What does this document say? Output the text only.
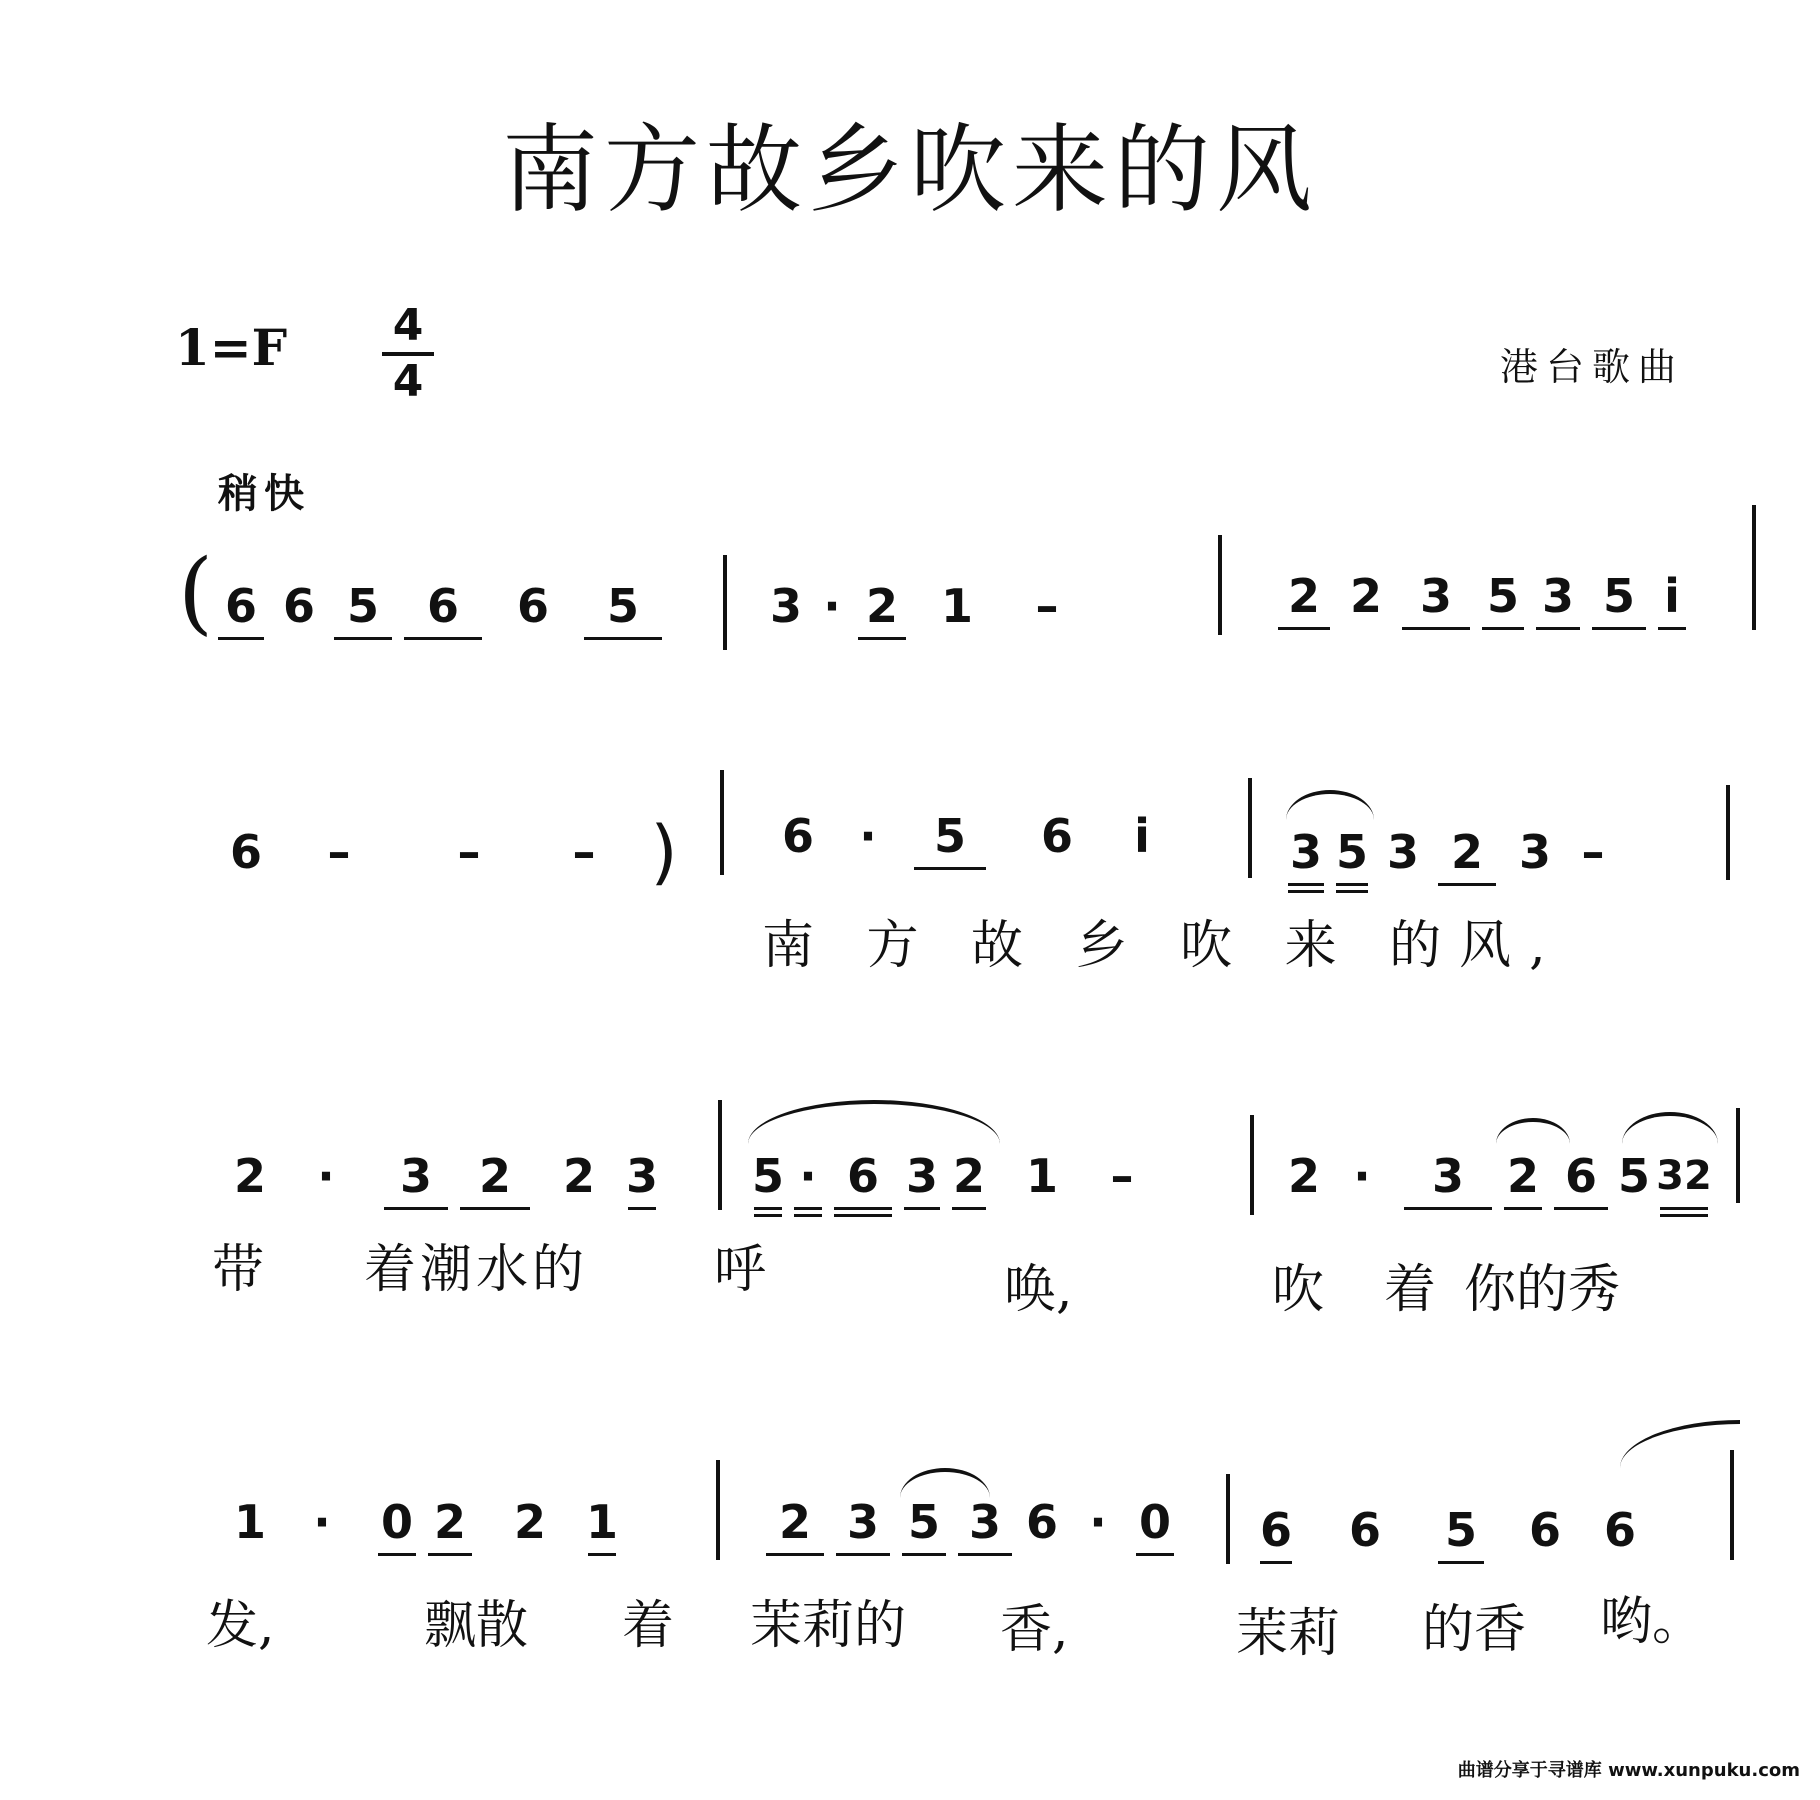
南方故乡吹来的风
$1=F \frac{4}{4}$	港台歌曲
稍快
( 6 6 5	6	6	5	3 · 2 1	–	2 2 3 5 3 5 i
6	–	–	– )	6 ·	5	6	i	3 5 3 2 3 –
南 方 故 乡 吹 来 的风,
2	·	3	2	2 3 5 · 6 3 2 1	–	2 ·	3 2 6 5 32
带 着潮水的 呼	唤,	吹 着 你的秀
1	·	0 2	2 1	2 3 5 3 6 · 0 6	6	5	6 6
发,	飘散 着 茉莉的 香,	茉莉 的香 哟。
曲谱分享于寻谱库 www.xunpuku.com
